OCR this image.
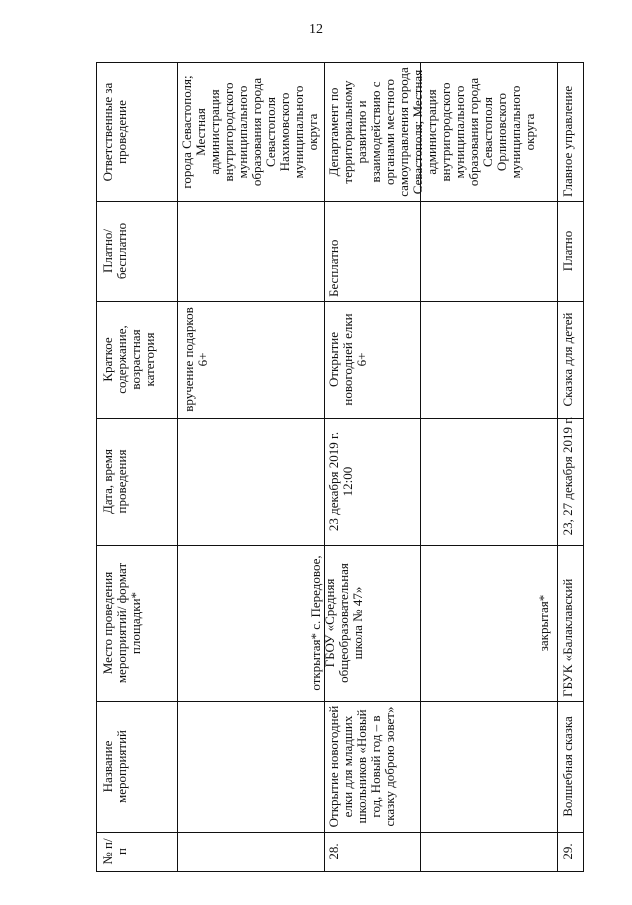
12
Ответственные за проведение
Платно/ бесплатно
Краткое содержание, возрастная категория
Дата, время проведения
Место проведения мероприятий/ формат площадки*
Название мероприятий
№ п/п
города Севастополя; Местная администрация внутригородского муниципального образования города Севастополя Нахимовского муниципального округа
вручение подарков 6+
Департамент по территориальному развитию и взаимодействию с органами местного самоуправления города Севастополя; Местная администрация внутригородского муниципального образования города Севастополя Орлиновского муниципального округа
Бесплатно
Открытие новогодней елки 6+
23 декабря 2019 г. 12:00
открытая* с. Передовое, ГБОУ «Средняя общеобразовательная школа № 47»
Открытие новогодней елки для младших школьников «Новый год, Новый год – в сказку доброю зовет»
28.
закрытая*
Главное управление
Платно
Сказка для детей
23, 27 декабря 2019 г.
ГБУК «Балаклавский
Волшебная сказка
29.
